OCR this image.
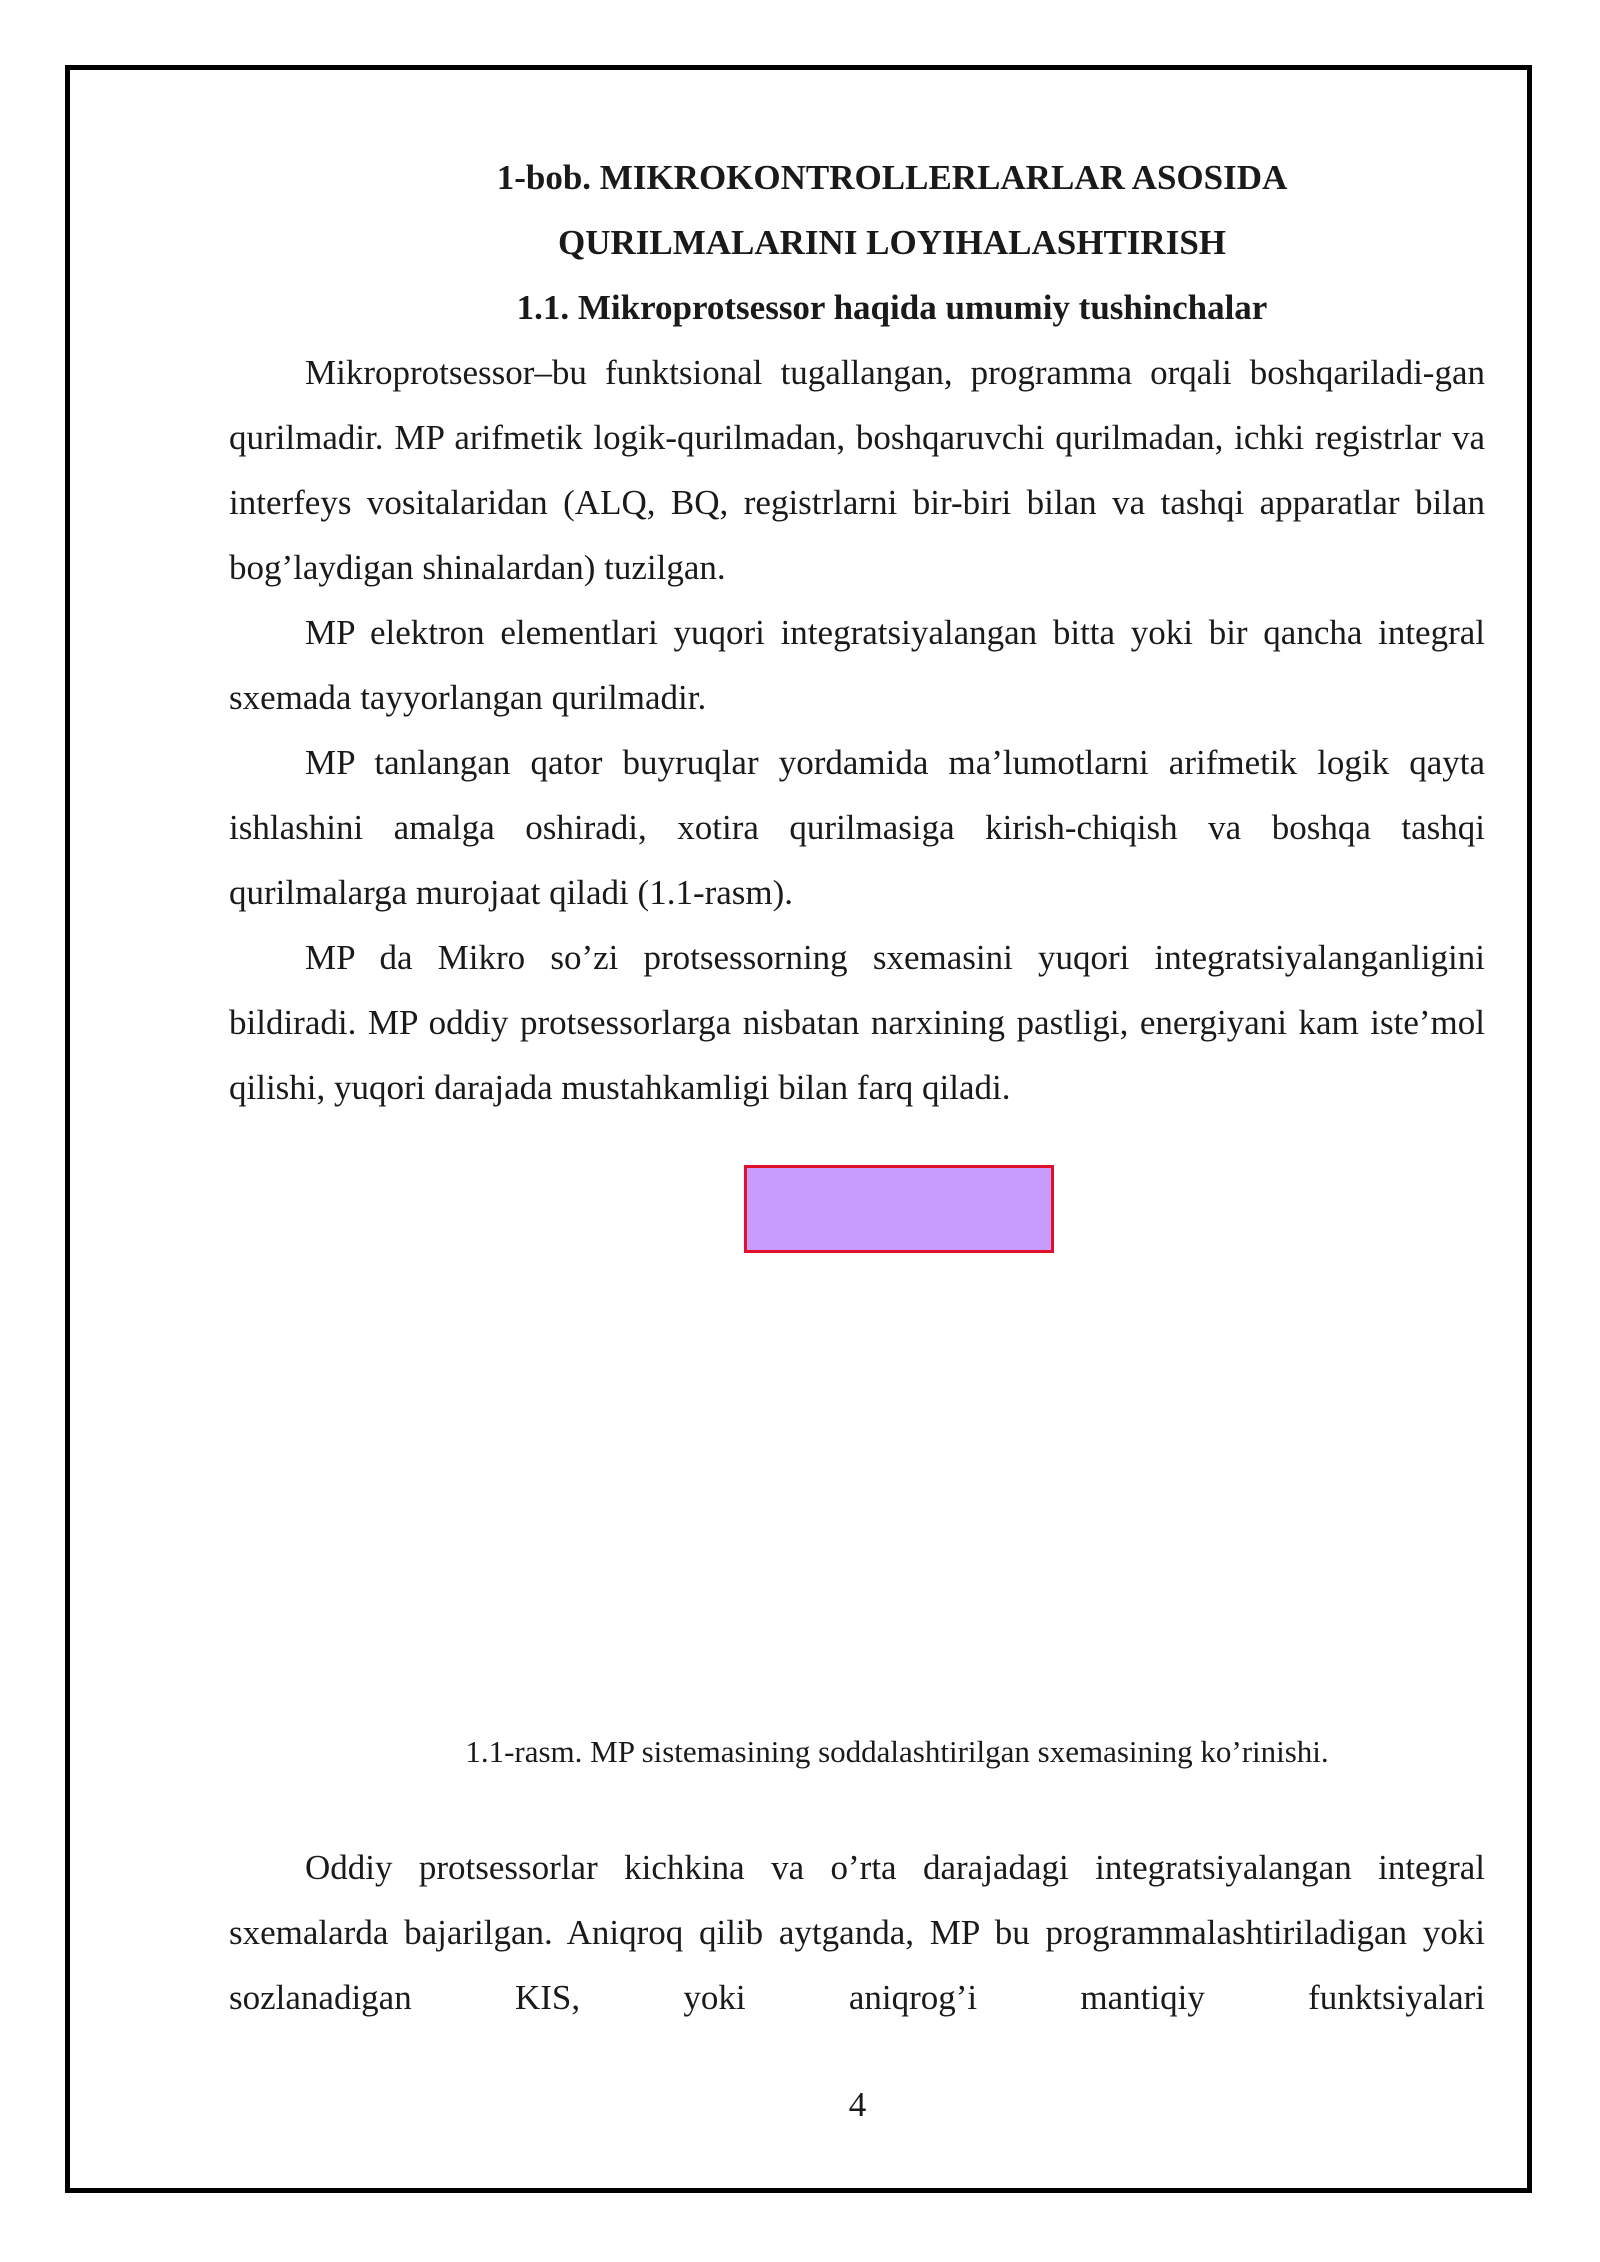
1-bob. MIKROKONTROLLERLARLAR ASOSIDA

QURILMALARINI LOYIHALASHTIRISH

1.1. Mikroprotsessor haqida umumiy tushinchalar

Mikroprotsessor–bu funktsional tugallangan, programma orqali boshqariladi-gan qurilmadir. MP arifmetik logik-qurilmadan, boshqaruvchi qurilmadan, ichki registrlar va interfeys vositalaridan (ALQ, BQ, registrlarni bir-biri bilan va tashqi apparatlar bilan bog’laydigan shinalardan) tuzilgan.

MP elektron elementlari yuqori integratsiyalangan bitta yoki bir qancha integral sxemada tayyorlangan qurilmadir.

MP tanlangan qator buyruqlar yordamida ma’lumotlarni arifmetik logik qayta ishlashini amalga oshiradi, xotira qurilmasiga kirish-chiqish va boshqa tashqi qurilmalarga murojaat qiladi (1.1-rasm).

MP da Mikro so’zi protsessorning sxemasini yuqori integratsiyalanganligini bildiradi. MP oddiy protsessorlarga nisbatan narxining pastligi, energiyani kam iste’mol qilishi, yuqori darajada mustahkamligi bilan farq qiladi.

1.1-rasm. MP sistemasining soddalashtirilgan sxemasining ko’rinishi.

Oddiy protsessorlar kichkina va o’rta darajadagi integratsiyalangan integral sxemalarda bajarilgan. Aniqroq qilib aytganda, MP bu programmalashtiriladigan yoki sozlanadigan KIS, yoki aniqrog’i mantiqiy funktsiyalari

4
